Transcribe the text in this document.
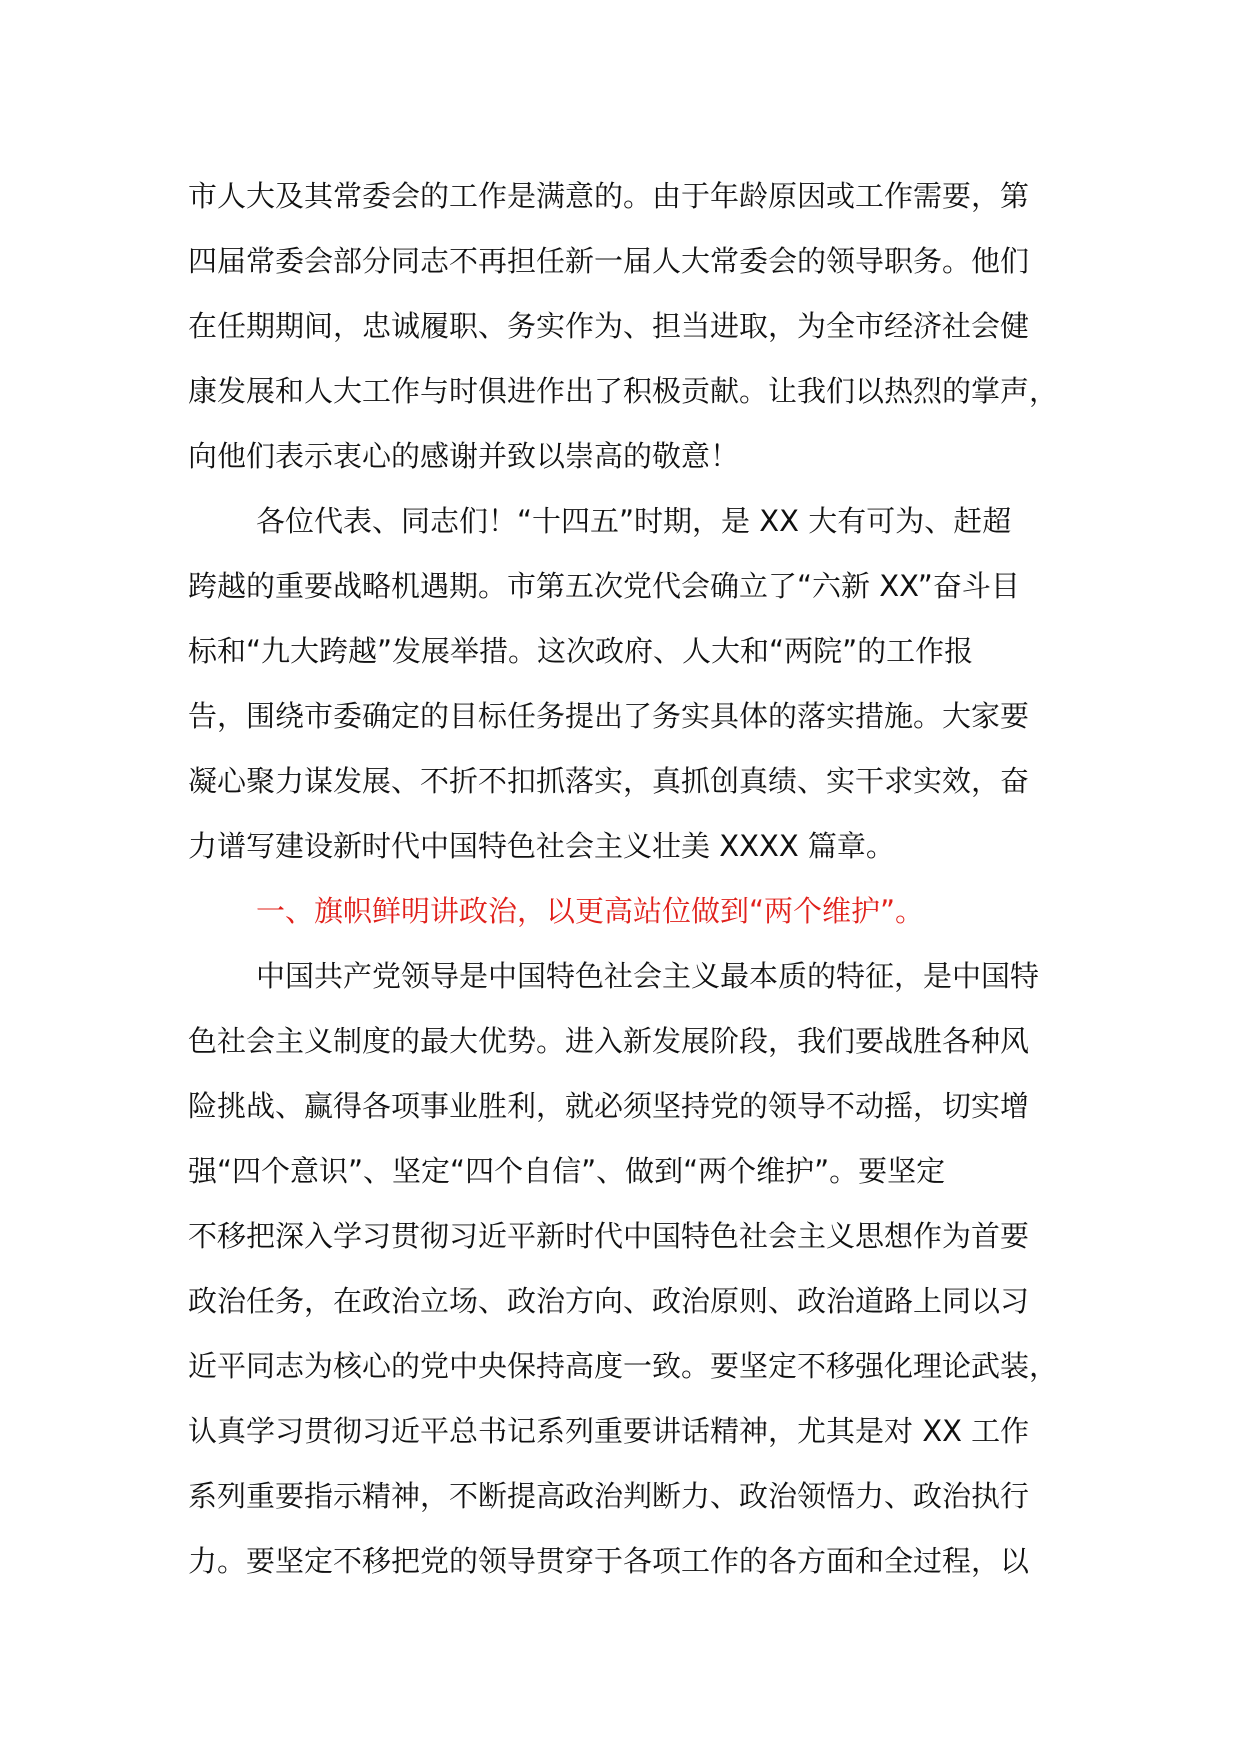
市人大及其常委会的工作是满意的。由于年龄原因或工作需要，第
四届常委会部分同志不再担任新一届人大常委会的领导职务。他们
在任期期间，忠诚履职、务实作为、担当进取，为全市经济社会健
康发展和人大工作与时俱进作出了积极贡献。让我们以热烈的掌声，
向他们表示衷心的感谢并致以崇高的敬意！
各位代表、同志们！“十四五”时期，是 XX 大有可为、赶超
跨越的重要战略机遇期。市第五次党代会确立了“六新 XX”奋斗目
标和“九大跨越”发展举措。这次政府、人大和“两院”的工作报
告，围绕市委确定的目标任务提出了务实具体的落实措施。大家要
凝心聚力谋发展、不折不扣抓落实，真抓创真绩、实干求实效，奋
力谱写建设新时代中国特色社会主义壮美 XXXX 篇章。
一、旗帜鲜明讲政治，以更高站位做到“两个维护”。
中国共产党领导是中国特色社会主义最本质的特征，是中国特
色社会主义制度的最大优势。进入新发展阶段，我们要战胜各种风
险挑战、赢得各项事业胜利，就必须坚持党的领导不动摇，切实增
强“四个意识”、坚定“四个自信”、做到“两个维护”。要坚定
不移把深入学习贯彻习近平新时代中国特色社会主义思想作为首要
政治任务，在政治立场、政治方向、政治原则、政治道路上同以习
近平同志为核心的党中央保持高度一致。要坚定不移强化理论武装，
认真学习贯彻习近平总书记系列重要讲话精神，尤其是对 XX 工作
系列重要指示精神，不断提高政治判断力、政治领悟力、政治执行
力。要坚定不移把党的领导贯穿于各项工作的各方面和全过程，以
